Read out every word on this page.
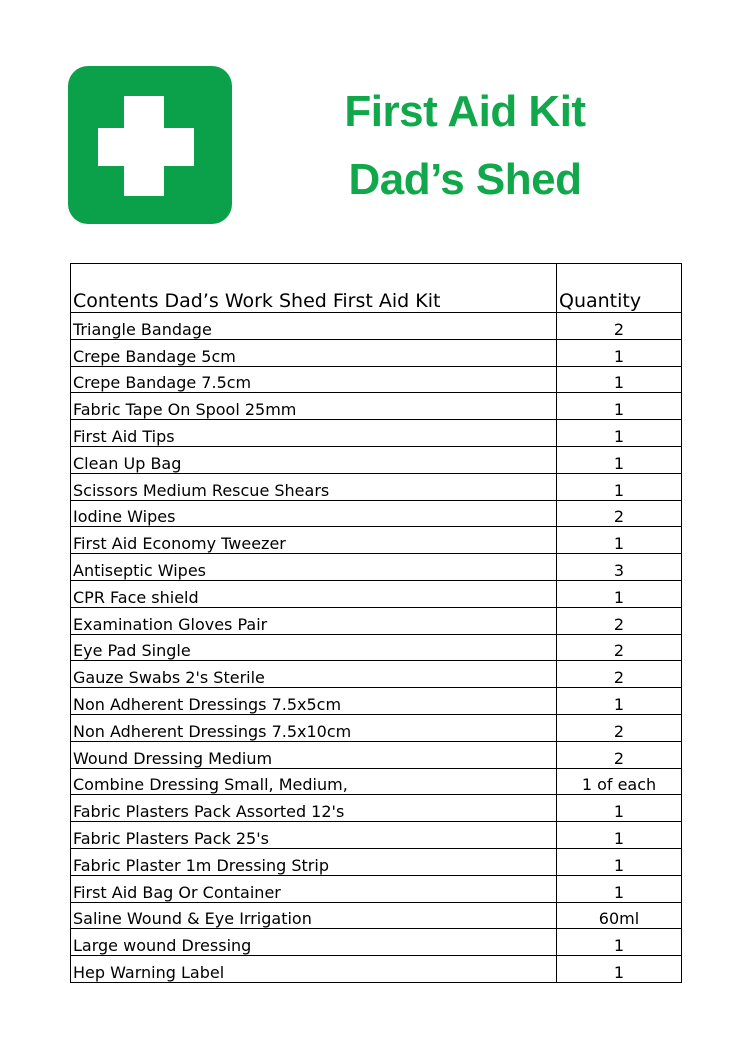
First Aid Kit
Dad’s Shed
Contents Dad’s Work Shed First Aid Kit	Quantity
Triangle Bandage	2
Crepe Bandage 5cm	1
Crepe Bandage 7.5cm	1
Fabric Tape On Spool 25mm	1
First Aid Tips	1
Clean Up Bag	1
Scissors Medium Rescue Shears	1
Iodine Wipes	2
First Aid Economy Tweezer	1
Antiseptic Wipes	3
CPR Face shield	1
Examination Gloves Pair	2
Eye Pad Single	2
Gauze Swabs 2's Sterile	2
Non Adherent Dressings 7.5x5cm	1
Non Adherent Dressings 7.5x10cm	2
Wound Dressing Medium	2
Combine Dressing Small, Medium,	1 of each
Fabric Plasters Pack Assorted 12's	1
Fabric Plasters Pack 25's	1
Fabric Plaster 1m Dressing Strip	1
First Aid Bag Or Container	1
Saline Wound & Eye Irrigation	60ml
Large wound Dressing	1
Hep Warning Label	1
